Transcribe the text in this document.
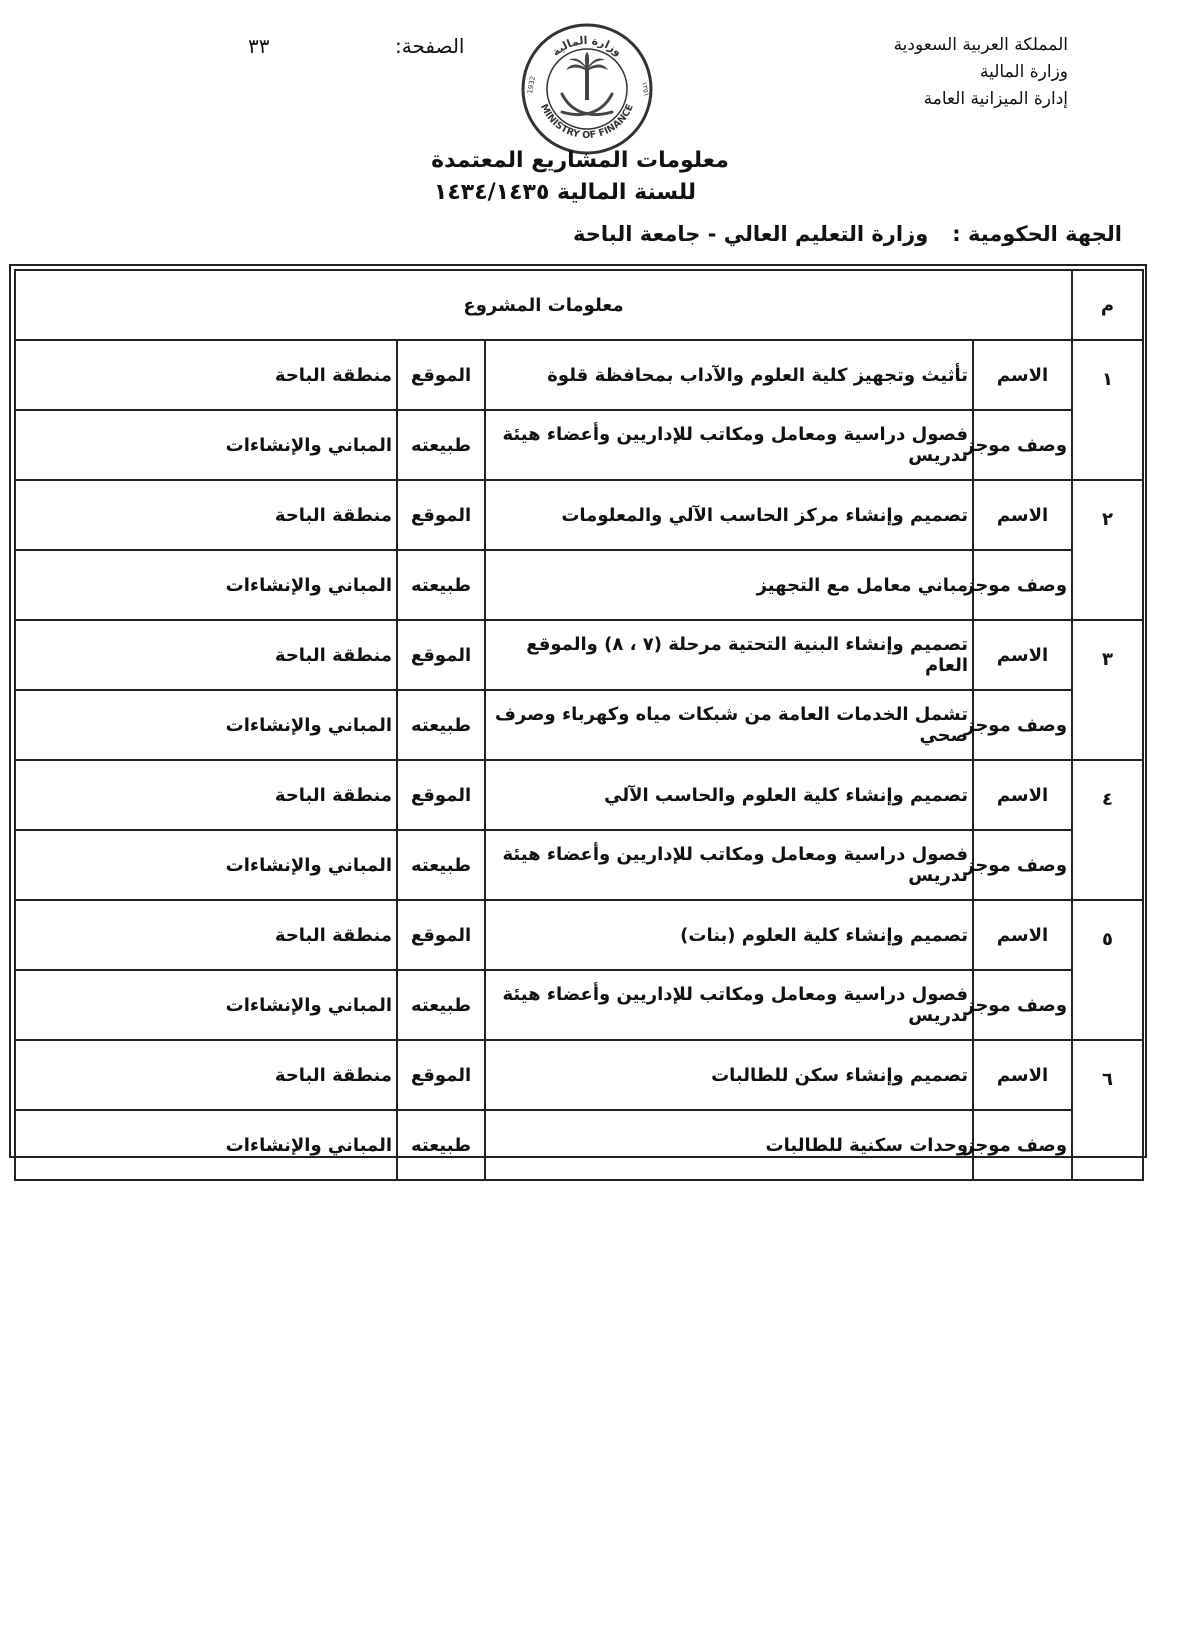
المملكة العربية السعودية
وزارة المالية
إدارة الميزانية العامة
الصفحة:
٣٣	وزارة المالية
MINISTRY OF FINANCE
1932	١٣٥١
معلومات المشاريع المعتمدة
للسنة المالية ١٤٣٤/١٤٣٥
الجهة الحكومية :وزارة التعليم العالي - جامعة الباحة
م	معلومات المشروع			
١	الاسم	تأثيث وتجهيز كلية العلوم والآداب بمحافظة قلوة	الموقع	منطقة الباحة
	وصف موجز	فصول دراسية ومعامل ومكاتب للإداريين وأعضاء هيئة تدريس	طبيعته	المباني والإنشاءات
٢	الاسم	تصميم وإنشاء مركز الحاسب الآلي والمعلومات	الموقع	منطقة الباحة
	وصف موجز	مباني معامل مع التجهيز	طبيعته	المباني والإنشاءات
٣	الاسم	تصميم وإنشاء البنية التحتية مرحلة (٧ ، ٨) والموقع العام	الموقع	منطقة الباحة
	وصف موجز	تشمل الخدمات العامة من شبكات مياه وكهرباء وصرف صحي	طبيعته	المباني والإنشاءات
٤	الاسم	تصميم وإنشاء كلية العلوم والحاسب الآلي	الموقع	منطقة الباحة
	وصف موجز	فصول دراسية ومعامل ومكاتب للإداريين وأعضاء هيئة تدريس	طبيعته	المباني والإنشاءات
٥	الاسم	تصميم وإنشاء كلية العلوم (بنات)	الموقع	منطقة الباحة
	وصف موجز	فصول دراسية ومعامل ومكاتب للإداريين وأعضاء هيئة تدريس	طبيعته	المباني والإنشاءات
٦	الاسم	تصميم وإنشاء سكن للطالبات	الموقع	منطقة الباحة
	وصف موجز	وحدات سكنية للطالبات	طبيعته	المباني والإنشاءات
